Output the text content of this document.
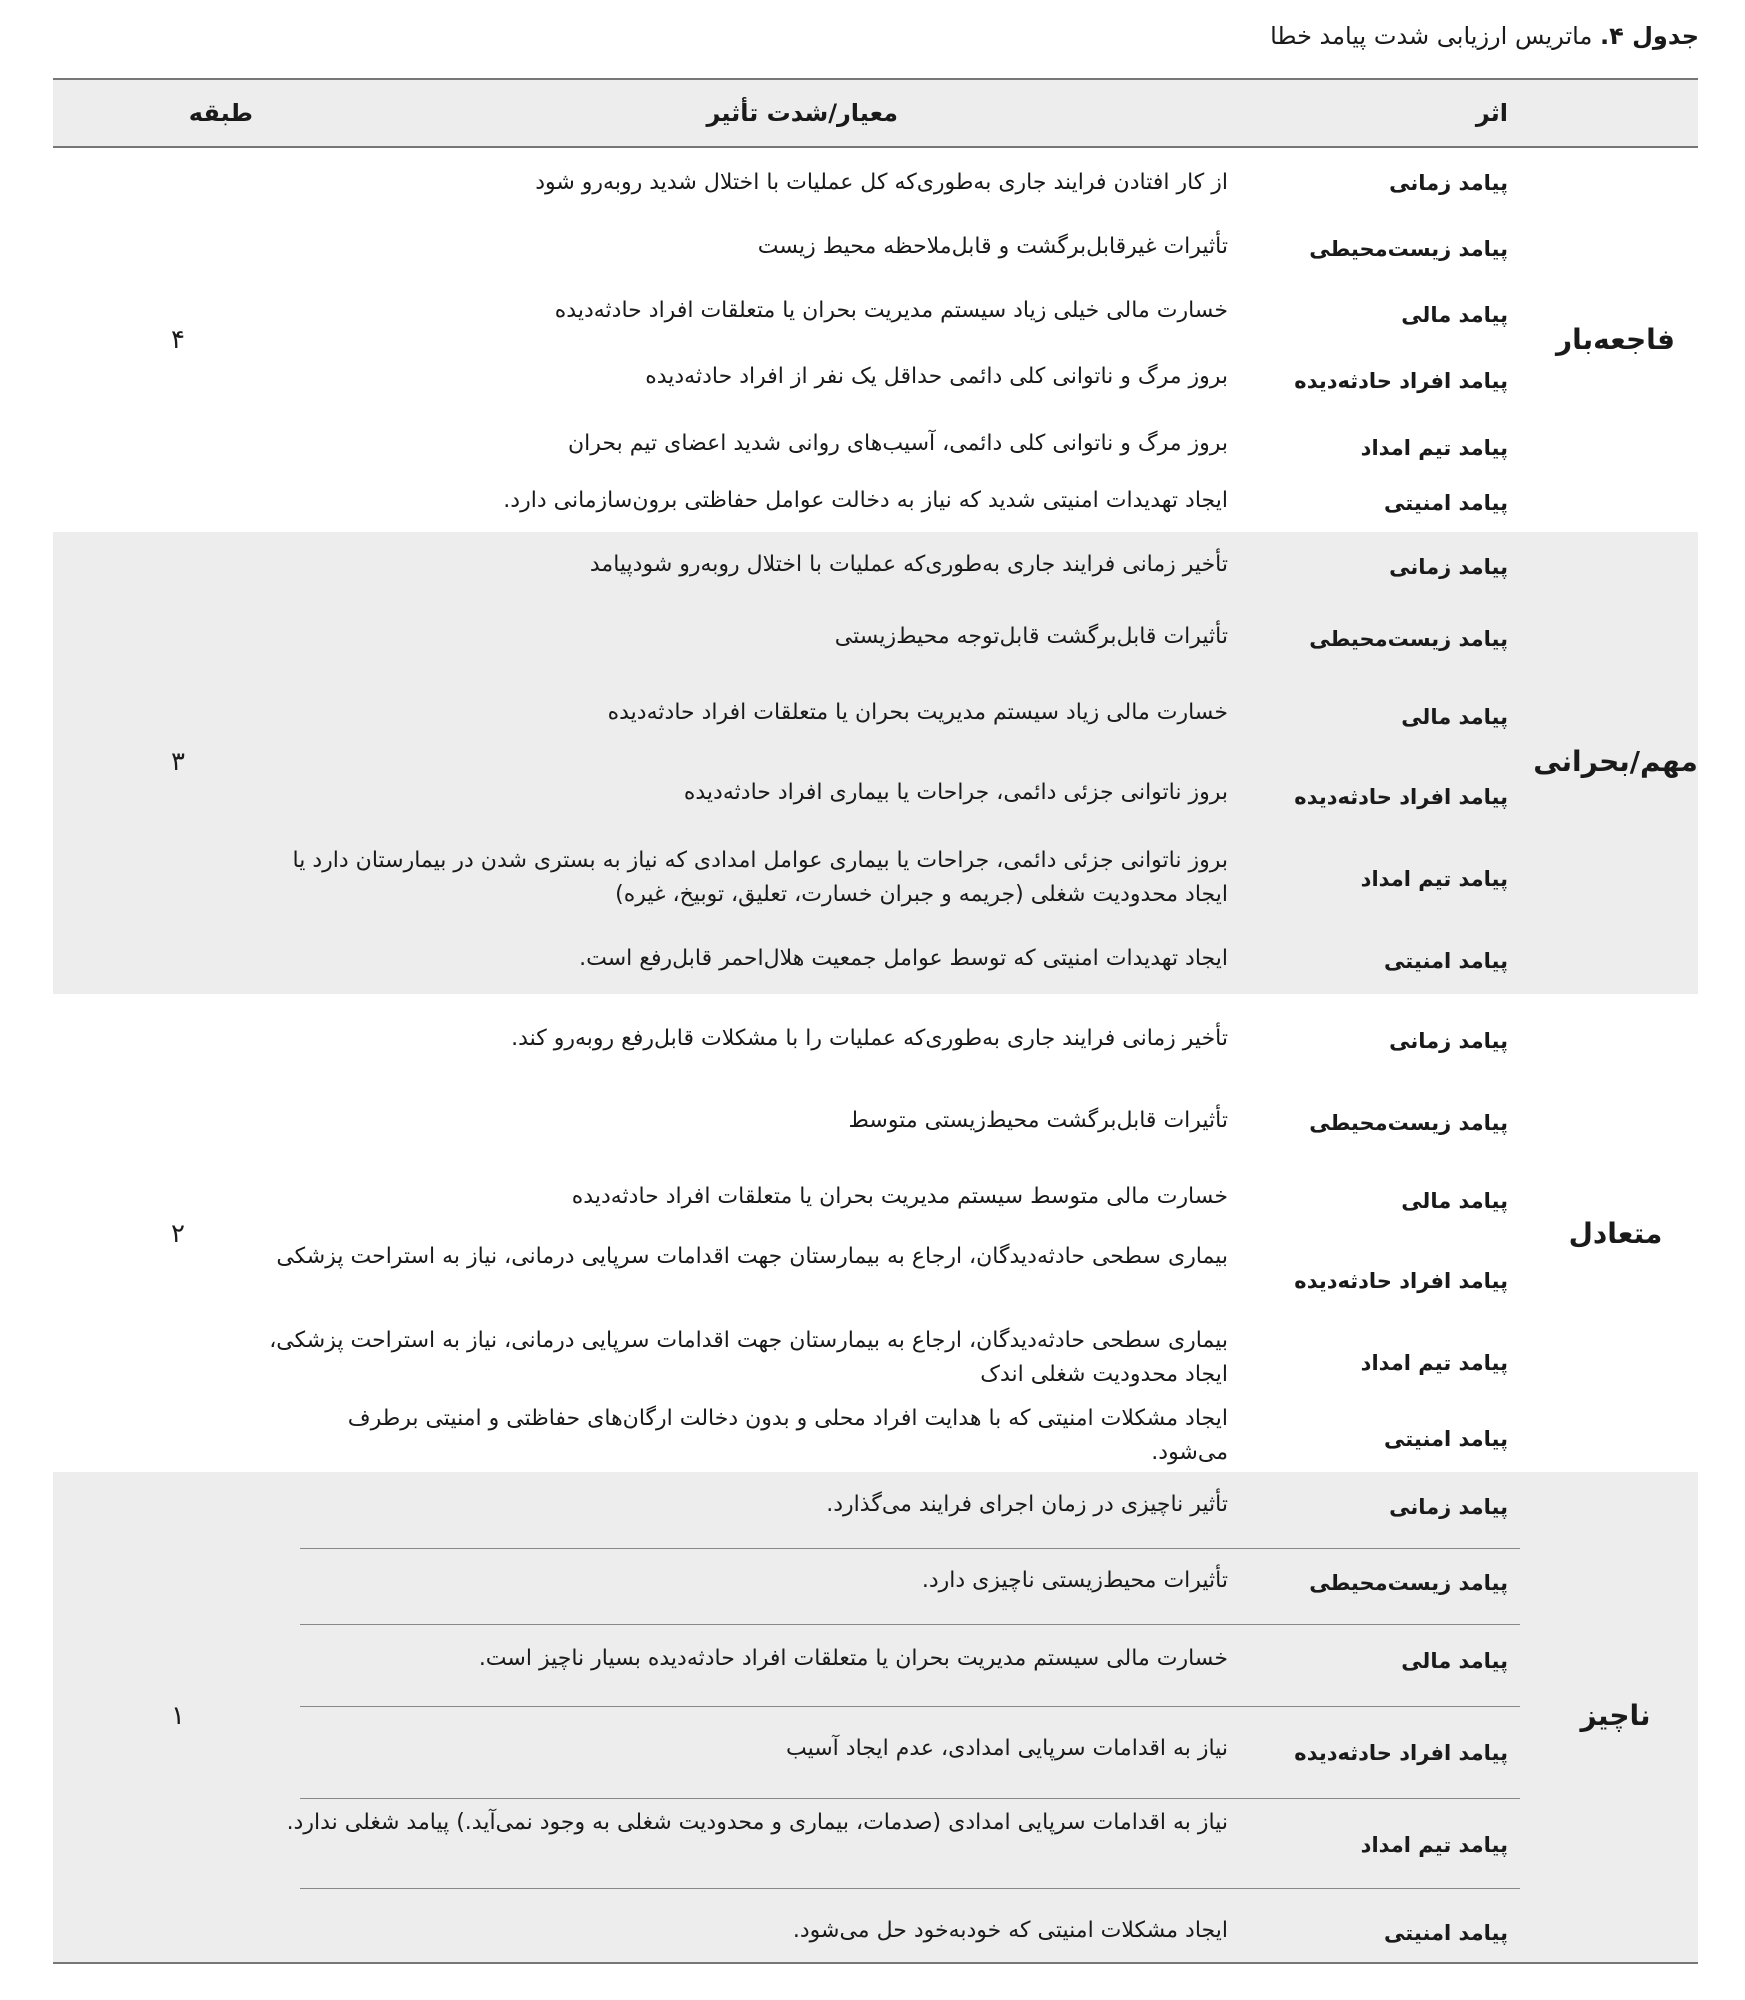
جدول ۴. ماتریس ارزیابی شدت پیامد خطا
اثر
معیار/شدت تأثیر
طبقه
فاجعه‌بار
۴
پیامد زمانی
از کار افتادن فرایند جاری به‌طوری‌که کل عملیات با اختلال شدید روبه‌رو شود
پیامد زیست‌محیطی
تأثیرات غیرقابل‌برگشت و قابل‌ملاحظه محیط زیست
پیامد مالی
خسارت مالی خیلی زیاد سیستم مدیریت بحران یا متعلقات افراد حادثه‌دیده
پیامد افراد حادثه‌دیده
بروز مرگ و ناتوانی کلی دائمی حداقل یک نفر از افراد حادثه‌دیده
پیامد تیم امداد
بروز مرگ و ناتوانی کلی دائمی، آسیب‌های روانی شدید اعضای تیم بحران
پیامد امنیتی
ایجاد تهدیدات امنیتی شدید که نیاز به دخالت عوامل حفاظتی برون‌سازمانی دارد.
مهم/بحرانی
۳
پیامد زمانی
تأخیر زمانی فرایند جاری به‌طوری‌که عملیات با اختلال روبه‌رو شودپیامد
پیامد زیست‌محیطی
تأثیرات قابل‌برگشت قابل‌توجه محیط‌زیستی
پیامد مالی
خسارت مالی زیاد سیستم مدیریت بحران یا متعلقات افراد حادثه‌دیده
پیامد افراد حادثه‌دیده
بروز ناتوانی جزئی دائمی، جراحات یا بیماری افراد حادثه‌دیده
پیامد تیم امداد
بروز ناتوانی جزئی دائمی، جراحات یا بیماری عوامل امدادی که نیاز به بستری شدن در بیمارستان دارد یا ایجاد محدودیت شغلی (جریمه و جبران خسارت، تعلیق، توبیخ، غیره)
پیامد امنیتی
ایجاد تهدیدات امنیتی که توسط عوامل جمعیت هلال‌احمر قابل‌رفع است.
متعادل
۲
پیامد زمانی
تأخیر زمانی فرایند جاری به‌طوری‌که عملیات را با مشکلات قابل‌رفع روبه‌رو کند.
پیامد زیست‌محیطی
تأثیرات قابل‌برگشت محیط‌زیستی متوسط
پیامد مالی
خسارت مالی متوسط سیستم مدیریت بحران یا متعلقات افراد حادثه‌دیده
پیامد افراد حادثه‌دیده
بیماری سطحی حادثه‌دیدگان، ارجاع به بیمارستان جهت اقدامات سرپایی درمانی، نیاز به استراحت پزشکی
پیامد تیم امداد
بیماری سطحی حادثه‌دیدگان، ارجاع به بیمارستان جهت اقدامات سرپایی درمانی، نیاز به استراحت پزشکی، ایجاد محدودیت شغلی اندک
پیامد امنیتی
ایجاد مشکلات امنیتی که با هدایت افراد محلی و بدون دخالت ارگان‌های حفاظتی و امنیتی برطرف می‌شود.
ناچیز
۱
پیامد زمانی
تأثیر ناچیزی در زمان اجرای فرایند می‌گذارد.
پیامد زیست‌محیطی
تأثیرات محیط‌زیستی ناچیزی دارد.
پیامد مالی
خسارت مالی سیستم مدیریت بحران یا متعلقات افراد حادثه‌دیده بسیار ناچیز است.
پیامد افراد حادثه‌دیده
نیاز به اقدامات سرپایی امدادی، عدم ایجاد آسیب
پیامد تیم امداد
نیاز به اقدامات سرپایی امدادی (صدمات، بیماری و محدودیت شغلی به وجود نمی‌آید.) پیامد شغلی ندارد.
پیامد امنیتی
ایجاد مشکلات امنیتی که خودبه‌خود حل می‌شود.
